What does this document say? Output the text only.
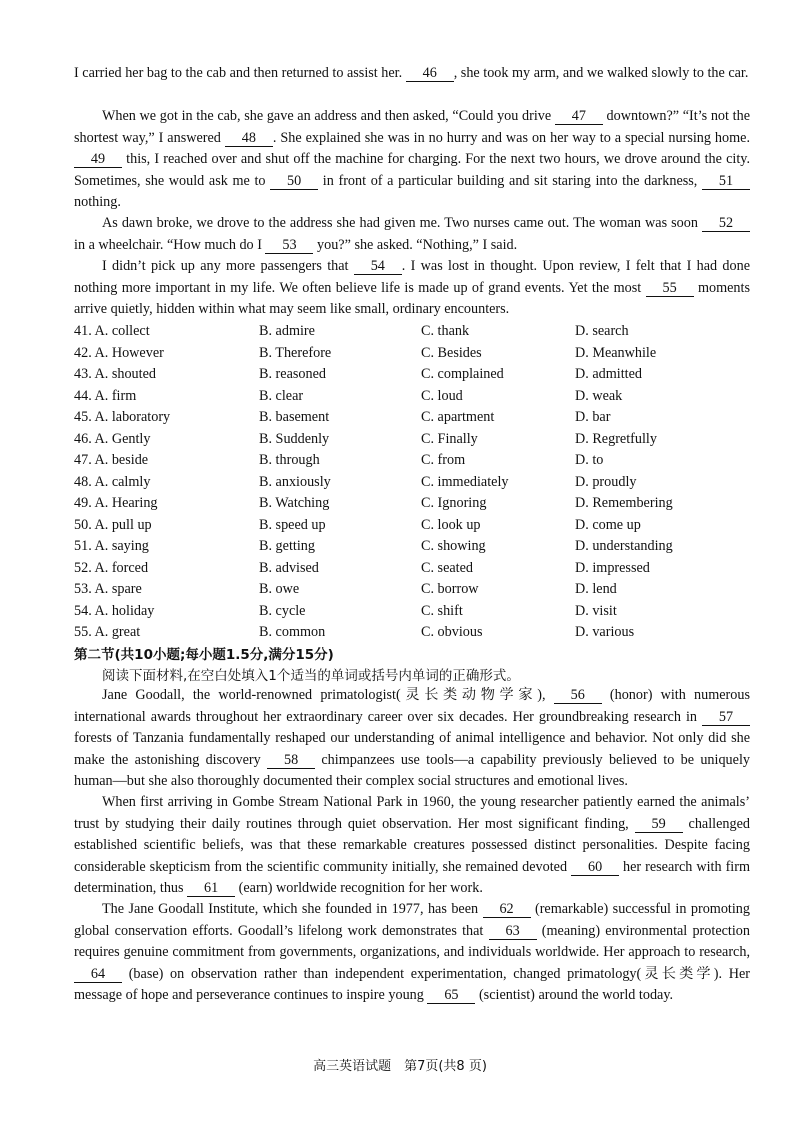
I carried her bag to the cab and then returned to assist her. 46 , she took my arm, and we walked slowly to the car.

When we got in the cab, she gave an address and then asked, “Could you drive 47 downtown?” “It’s not the shortest way,” I answered 48 . She explained she was in no hurry and was on her way to a special nursing home. 49 this, I reached over and shut off the machine for charging. For the next two hours, we drove around the city. Sometimes, she would ask me to 50 in front of a particular building and sit staring into the darkness, 51 nothing.

As dawn broke, we drove to the address she had given me. Two nurses came out. The woman was soon 52 in a wheelchair. “How much do I 53 you?” she asked. “Nothing,” I said.

I didn’t pick up any more passengers that 54 . I was lost in thought. Upon review, I felt that I had done nothing more important in my life. We often believe life is made up of grand events. Yet the most 55 moments arrive quietly, hidden within what may seem like small, ordinary encounters.

41. A. collect	B. admire	C. thank	D. search
42. A. However	B. Therefore	C. Besides	D. Meanwhile
43. A. shouted	B. reasoned	C. complained	D. admitted
44. A. firm	B. clear	C. loud	D. weak
45. A. laboratory	B. basement	C. apartment	D. bar
46. A. Gently	B. Suddenly	C. Finally	D. Regretfully
47. A. beside	B. through	C. from	D. to
48. A. calmly	B. anxiously	C. immediately	D. proudly
49. A. Hearing	B. Watching	C. Ignoring	D. Remembering
50. A. pull up	B. speed up	C. look up	D. come up
51. A. saying	B. getting	C. showing	D. understanding
52. A. forced	B. advised	C. seated	D. impressed
53. A. spare	B. owe	C. borrow	D. lend
54. A. holiday	B. cycle	C. shift	D. visit
55. A. great	B. common	C. obvious	D. various
第二节(共10小题;每小题1.5分,满分15分)
阅读下面材料,在空白处填入1个适当的单词或括号内单词的正确形式。

Jane Goodall, the world-renowned primatologist(灵长类动物学家), 56 (honor) with numerous international awards throughout her extraordinary career over six decades. Her groundbreaking research in 57 forests of Tanzania fundamentally reshaped our understanding of animal intelligence and behavior. Not only did she make the astonishing discovery 58 chimpanzees use tools—a capability previously believed to be uniquely human—but she also thoroughly documented their complex social structures and emotional lives.

When first arriving in Gombe Stream National Park in 1960, the young researcher patiently earned the animals’ trust by studying their daily routines through quiet observation. Her most significant finding, 59 challenged established scientific beliefs, was that these remarkable creatures possessed distinct personalities. Despite facing considerable skepticism from the scientific community initially, she remained devoted 60 her research with firm determination, thus 61 (earn) worldwide recognition for her work.

The Jane Goodall Institute, which she founded in 1977, has been 62 (remarkable) successful in promoting global conservation efforts. Goodall’s lifelong work demonstrates that 63 (meaning) environmental protection requires genuine commitment from governments, organizations, and individuals worldwide. Her approach to research, 64 (base) on observation rather than independent experimentation, changed primatology(灵长类学). Her message of hope and perseverance continues to inspire young 65 (scientist) around the world today.

高三英语试题　第7页(共8 页)
